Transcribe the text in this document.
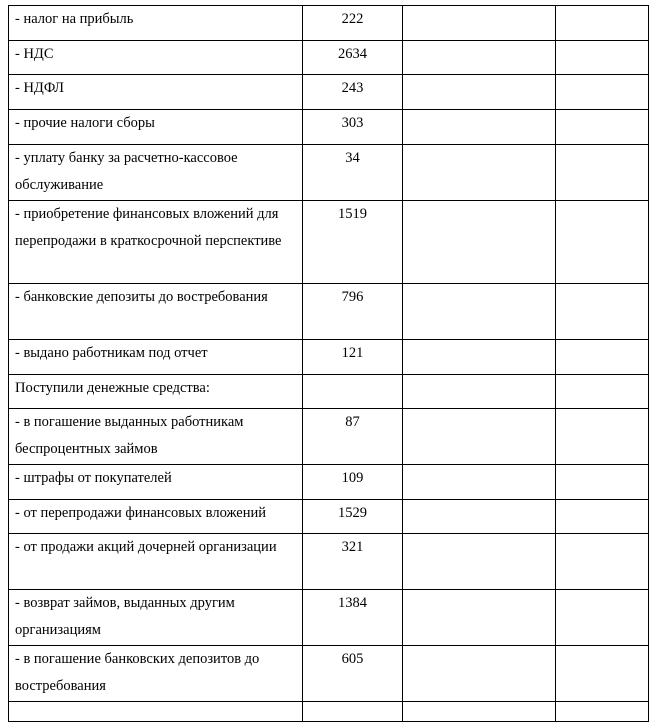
- налог на прибыль	222		
- НДС	2634		
- НДФЛ	243		
- прочие налоги сборы	303		
- уплату банку за расчетно-кассовое обслуживание	34		
- приобретение финансовых вложений для перепродажи в краткосрочной перспективе	1519		
- банковские депозиты до востребования	796		
- выдано работникам под отчет	121		
Поступили денежные средства:			
- в погашение выданных работникам беспроцентных займов	87		
- штрафы от покупателей	109		
- от перепродажи финансовых вложений	1529		
- от продажи акций дочерней организации	321		
- возврат займов, выданных другим организациям	1384		
- в погашение банковских депозитов до востребования	605		
